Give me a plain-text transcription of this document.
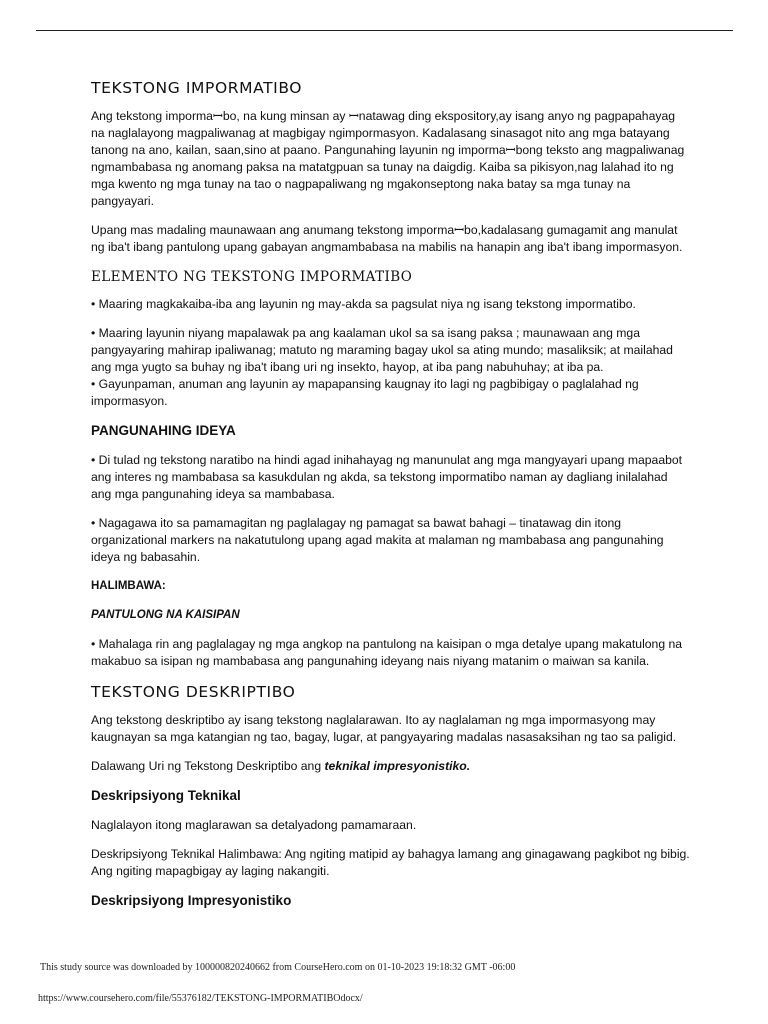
TEKSTONG IMPORMATIBO

Ang tekstong impormaꟷbo, na kung minsan ay ꟷnatawag ding ekspository,ay isang anyo ng pagpapahayag na naglalayong magpaliwanag at magbigay ngimpormasyon. Kadalasang sinasagot nito ang mga batayang tanong na ano, kailan, saan,sino at paano. Pangunahing layunin ng impormaꟷbong teksto ang magpaliwanag ngmambabasa ng anomang paksa na matatgpuan sa tunay na daigdig. Kaiba sa pikisyon,nag lalahad ito ng mga kwento ng mga tunay na tao o nagpapaliwang ng mgakonseptong naka batay sa mga tunay na pangyayari.

Upang mas madaling maunawaan ang anumang tekstong impormaꟷbo,kadalasang gumagamit ang manulat ng iba't ibang pantulong upang gabayan angmambabasa na mabilis na hanapin ang iba't ibang impormasyon.

ELEMENTO NG TEKSTONG IMPORMATIBO

• Maaring magkakaiba-iba ang layunin ng may-akda sa pagsulat niya ng isang tekstong impormatibo.

• Maaring layunin niyang mapalawak pa ang kaalaman ukol sa sa isang paksa ; maunawaan ang mga pangyayaring mahirap ipaliwanag; matuto ng maraming bagay ukol sa ating mundo; masaliksik; at mailahad ang mga yugto sa buhay ng iba't ibang uri ng insekto, hayop, at iba pang nabuhuhay; at iba pa.

• Gayunpaman, anuman ang layunin ay mapapansing kaugnay ito lagi ng pagbibigay o paglalahad ng impormasyon.

PANGUNAHING IDEYA

• Di tulad ng tekstong naratibo na hindi agad inihahayag ng manunulat ang mga mangyayari upang mapaabot ang interes ng mambabasa sa kasukdulan ng akda, sa tekstong impormatibo naman ay dagliang inilalahad ang mga pangunahing ideya sa mambabasa.

• Nagagawa ito sa pamamagitan ng paglalagay ng pamagat sa bawat bahagi – tinatawag din itong organizational markers na nakatutulong upang agad makita at malaman ng mambabasa ang pangunahing ideya ng babasahin.

HALIMBAWA:

PANTULONG NA KAISIPAN

• Mahalaga rin ang paglalagay ng mga angkop na pantulong na kaisipan o mga detalye upang makatulong na makabuo sa isipan ng mambabasa ang pangunahing ideyang nais niyang matanim o maiwan sa kanila.

TEKSTONG DESKRIPTIBO

Ang tekstong deskriptibo ay isang tekstong naglalarawan. Ito ay naglalaman ng mga impormasyong may kaugnayan sa mga katangian ng tao, bagay, lugar, at pangyayaring madalas nasasaksihan ng tao sa paligid.

Dalawang Uri ng Tekstong Deskriptibo ang teknikal impresyonistiko.

Deskripsiyong Teknikal

Naglalayon itong maglarawan sa detalyadong pamamaraan.

Deskripsiyong Teknikal Halimbawa: Ang ngiting matipid ay bahagya lamang ang ginagawang pagkibot ng bibig. Ang ngiting mapagbigay ay laging nakangiti.

Deskripsiyong Impresyonistiko
This study source was downloaded by 100000820240662 from CourseHero.com on 01-10-2023 19:18:32 GMT -06:00
https://www.coursehero.com/file/55376182/TEKSTONG-IMPORMATIBOdocx/
